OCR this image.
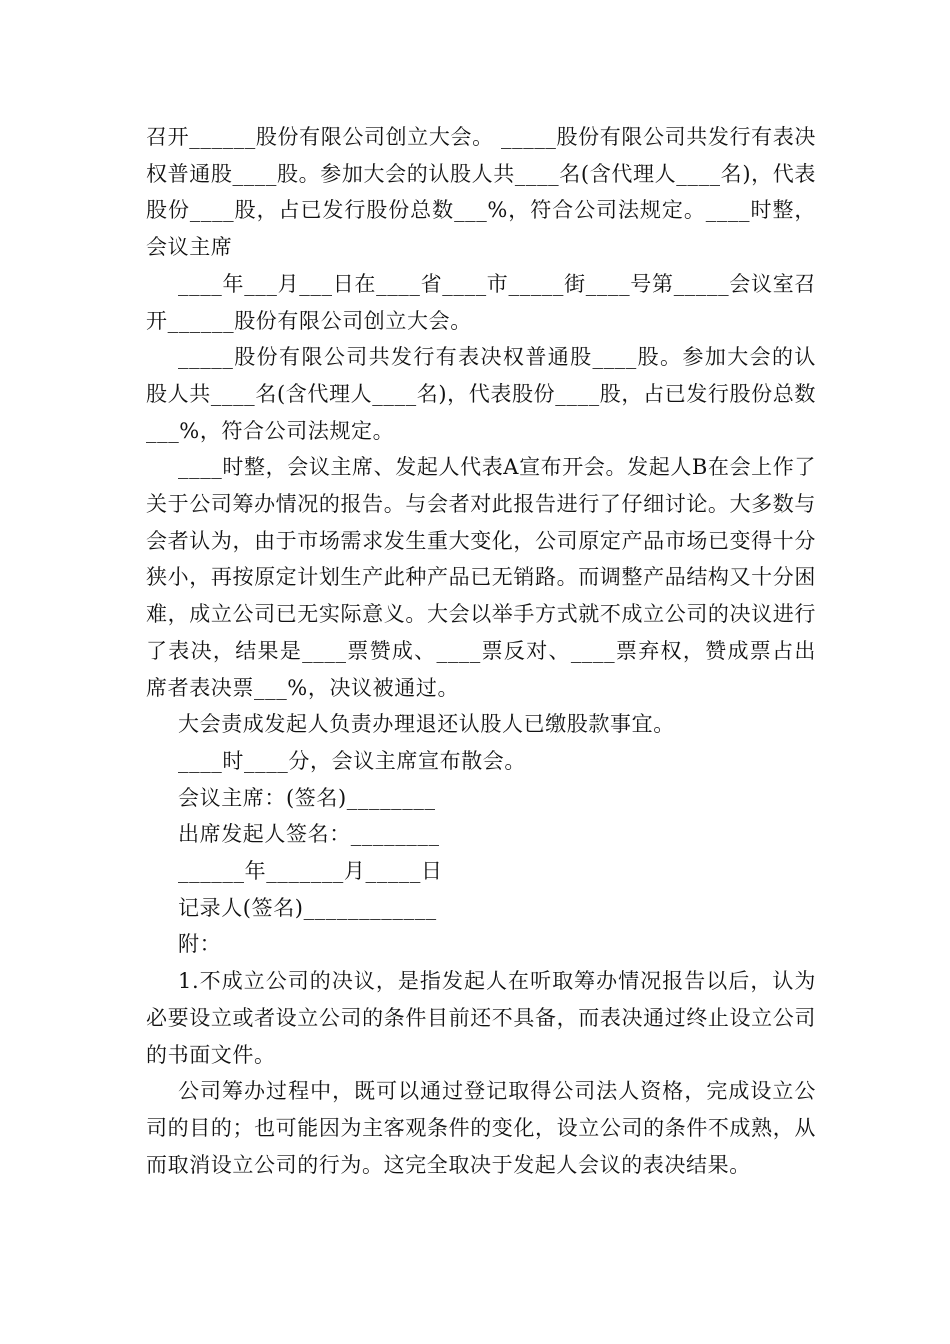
召开______股份有限公司创立大会。 _____股份有限公司共发行有表决权普通股____股。参加大会的认股人共____名(含代理人____名)，代表股份____股，占已发行股份总数___%，符合公司法规定。____时整，会议主席

____年___月___日在____省____市_____街____号第_____会议室召开______股份有限公司创立大会。

_____股份有限公司共发行有表决权普通股____股。参加大会的认股人共____名(含代理人____名)，代表股份____股，占已发行股份总数___%，符合公司法规定。

____时整，会议主席、发起人代表A宣布开会。发起人B在会上作了关于公司筹办情况的报告。与会者对此报告进行了仔细讨论。大多数与会者认为，由于市场需求发生重大变化，公司原定产品市场已变得十分狭小，再按原定计划生产此种产品已无销路。而调整产品结构又十分困难，成立公司已无实际意义。大会以举手方式就不成立公司的决议进行了表决，结果是____票赞成、____票反对、____票弃权，赞成票占出席者表决票___%，决议被通过。

大会责成发起人负责办理退还认股人已缴股款事宜。

____时____分，会议主席宣布散会。

会议主席：(签名)________
出席发起人签名：________
______年_______月_____日
记录人(签名)____________
附：

1.不成立公司的决议，是指发起人在听取筹办情况报告以后，认为必要设立或者设立公司的条件目前还不具备，而表决通过终止设立公司的书面文件。

公司筹办过程中，既可以通过登记取得公司法人资格，完成设立公司的目的；也可能因为主客观条件的变化，设立公司的条件不成熟，从而取消设立公司的行为。这完全取决于发起人会议的表决结果。
